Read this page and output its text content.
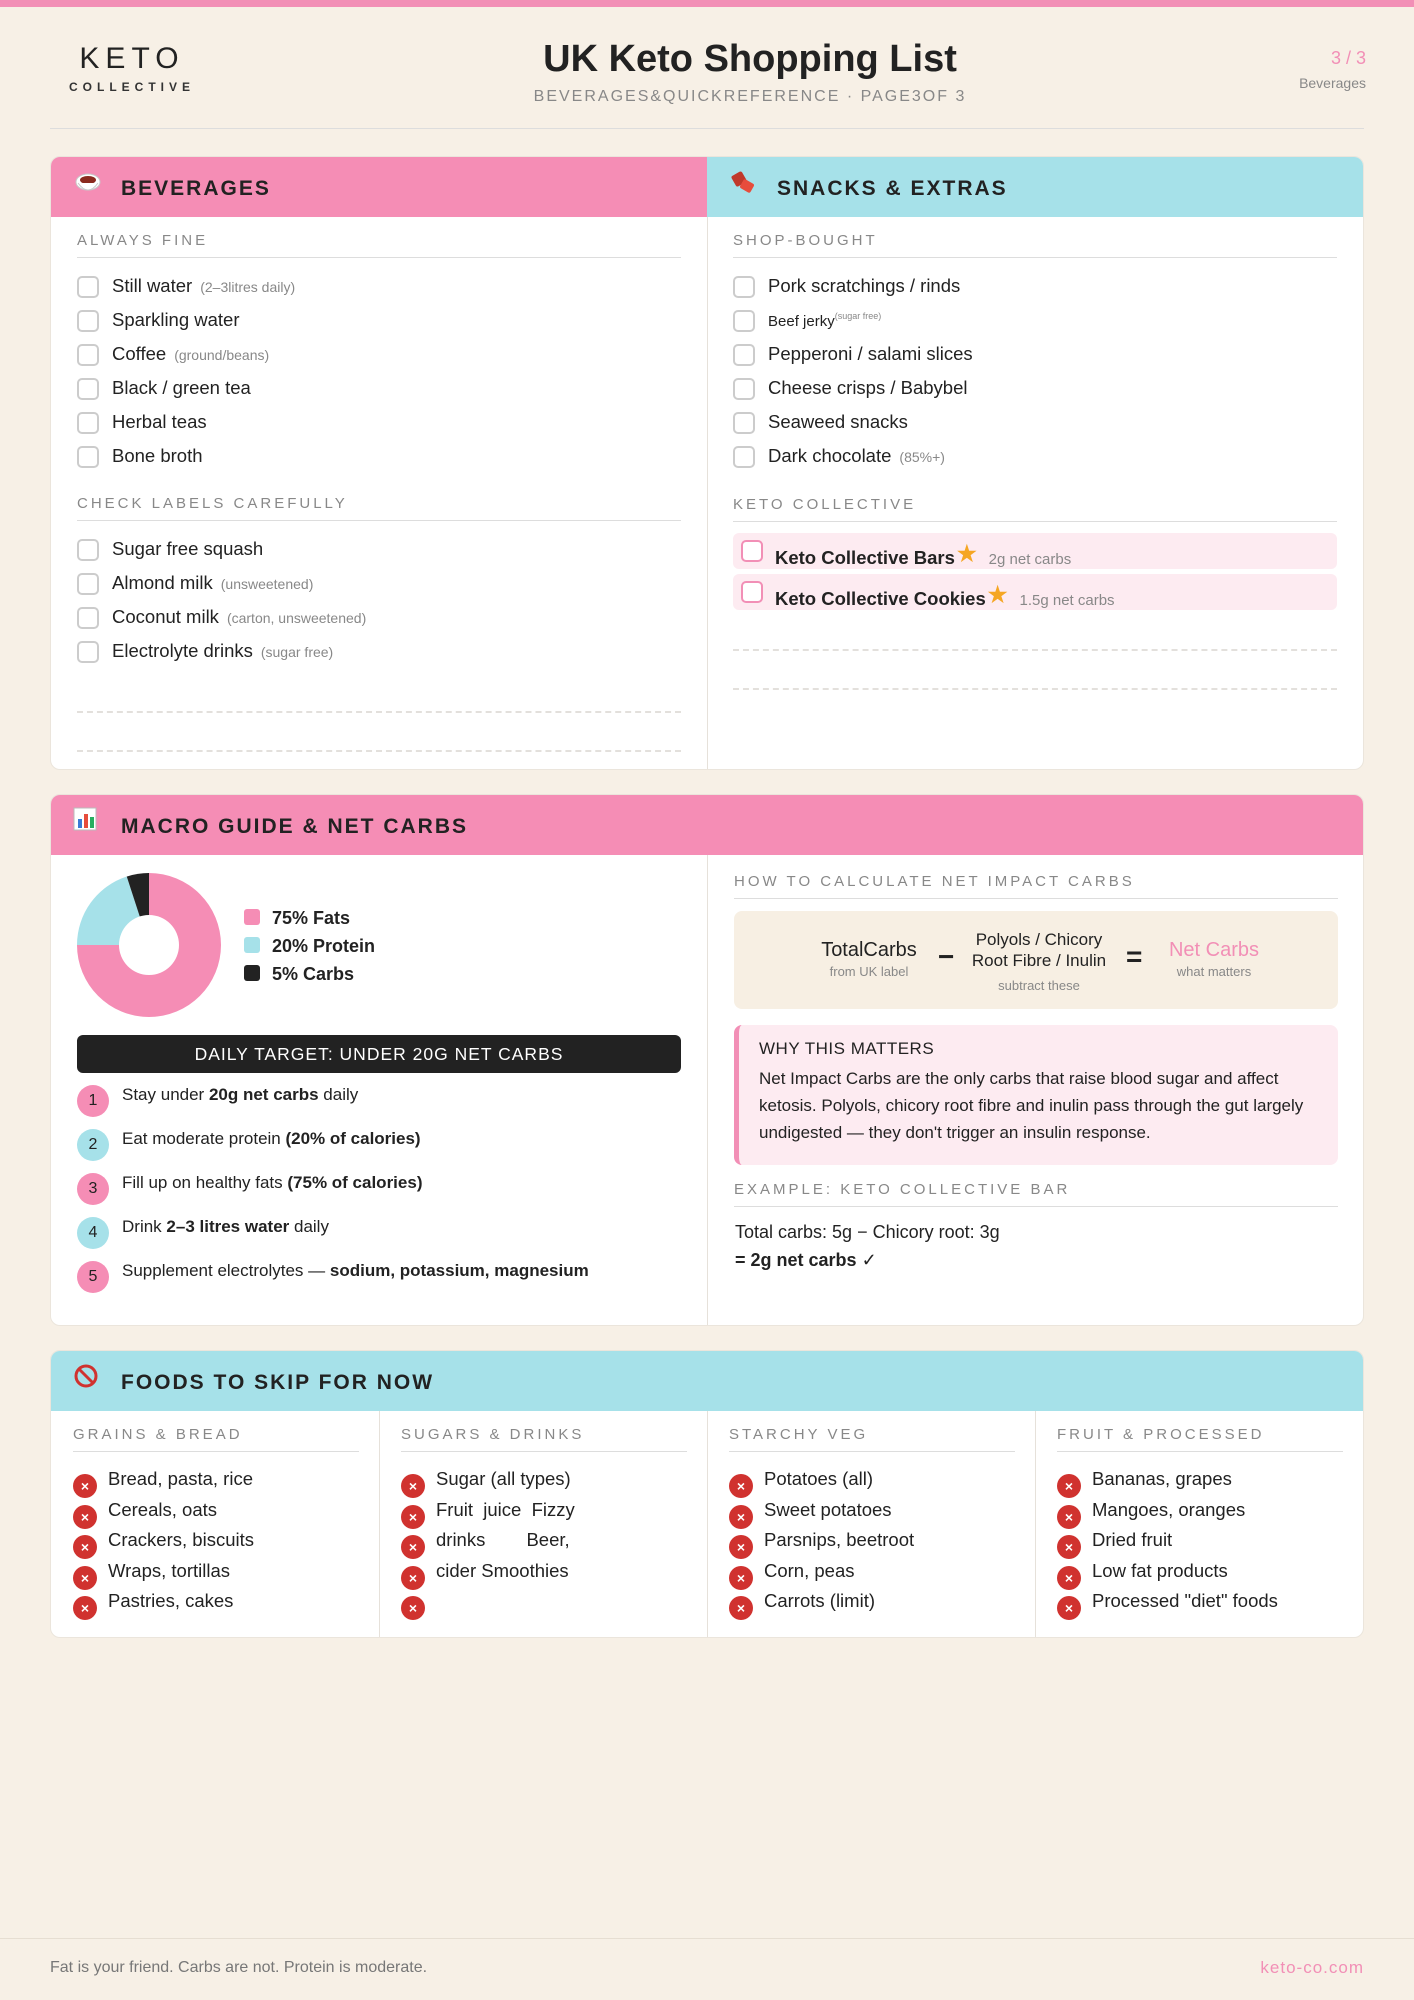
KETO
COLLECTIVE
UK Keto Shopping List
BEVERAGES&QUICKREFERENCE · PAGE3OF 3
3 / 3
Beverages
BEVERAGES	SNACKS & EXTRAS
ALWAYS FINE
Still water (2–3litres daily)
Sparkling water
Coffee (ground/beans)
Black / green tea
Herbal teas
Bone broth
CHECK LABELS CAREFULLY
Sugar free squash
Almond milk (unsweetened)
Coconut milk (carton, unsweetened)
Electrolyte drinks (sugar free)
SHOP-BOUGHT
Pork scratchings / rinds
Beef jerky$^{(sugar free)}$
Pepperoni / salami slices
Cheese crisps / Babybel
Seaweed snacks
Dark chocolate (85%+)
KETO COLLECTIVE
Keto Collective Bars★ 2g net carbs
Keto Collective Cookies★ 1.5g net carbs
MACRO GUIDE & NET CARBS
75% Fats
20% Protein
5% Carbs
DAILY TARGET: UNDER 20G NET CARBS
1 Stay under 20g net carbs daily
2 Eat moderate protein (20% of calories)
3 Fill up on healthy fats (75% of calories)
4 Drink 2–3 litres water daily
5 Supplement electrolytes — sodium, potassium, magnesium
HOW TO CALCULATE NET IMPACT CARBS
TotalCarbs
from UK label	−
Polyols / Chicory
Root Fibre / Inulin
subtract these
=	Net Carbs
what matters
WHY THIS MATTERS
Net Impact Carbs are the only carbs that raise blood sugar and affect ketosis. Polyols, chicory root fibre and inulin pass through the gut largely undigested — they don't trigger an insulin response.
EXAMPLE: KETO COLLECTIVE BAR
Total carbs: 5g − Chicory root: 3g
= 2g net carbs ✓
FOODS TO SKIP FOR NOW
GRAINS & BREAD
× Bread, pasta, rice
× Cereals, oats
× Crackers, biscuits
× Wraps, tortillas
× Pastries, cakes
SUGARS & DRINKS
× Sugar (all types)
× Fruit  juice  Fizzy
× drinks        Beer,
× cider Smoothies
×
STARCHY VEG
× Potatoes (all)
× Sweet potatoes
× Parsnips, beetroot
× Corn, peas
× Carrots (limit)
FRUIT & PROCESSED
× Bananas, grapes
× Mangoes, oranges
× Dried fruit
× Low fat products
× Processed "diet" foods
Fat is your friend. Carbs are not. Protein is moderate.	keto-co.com
